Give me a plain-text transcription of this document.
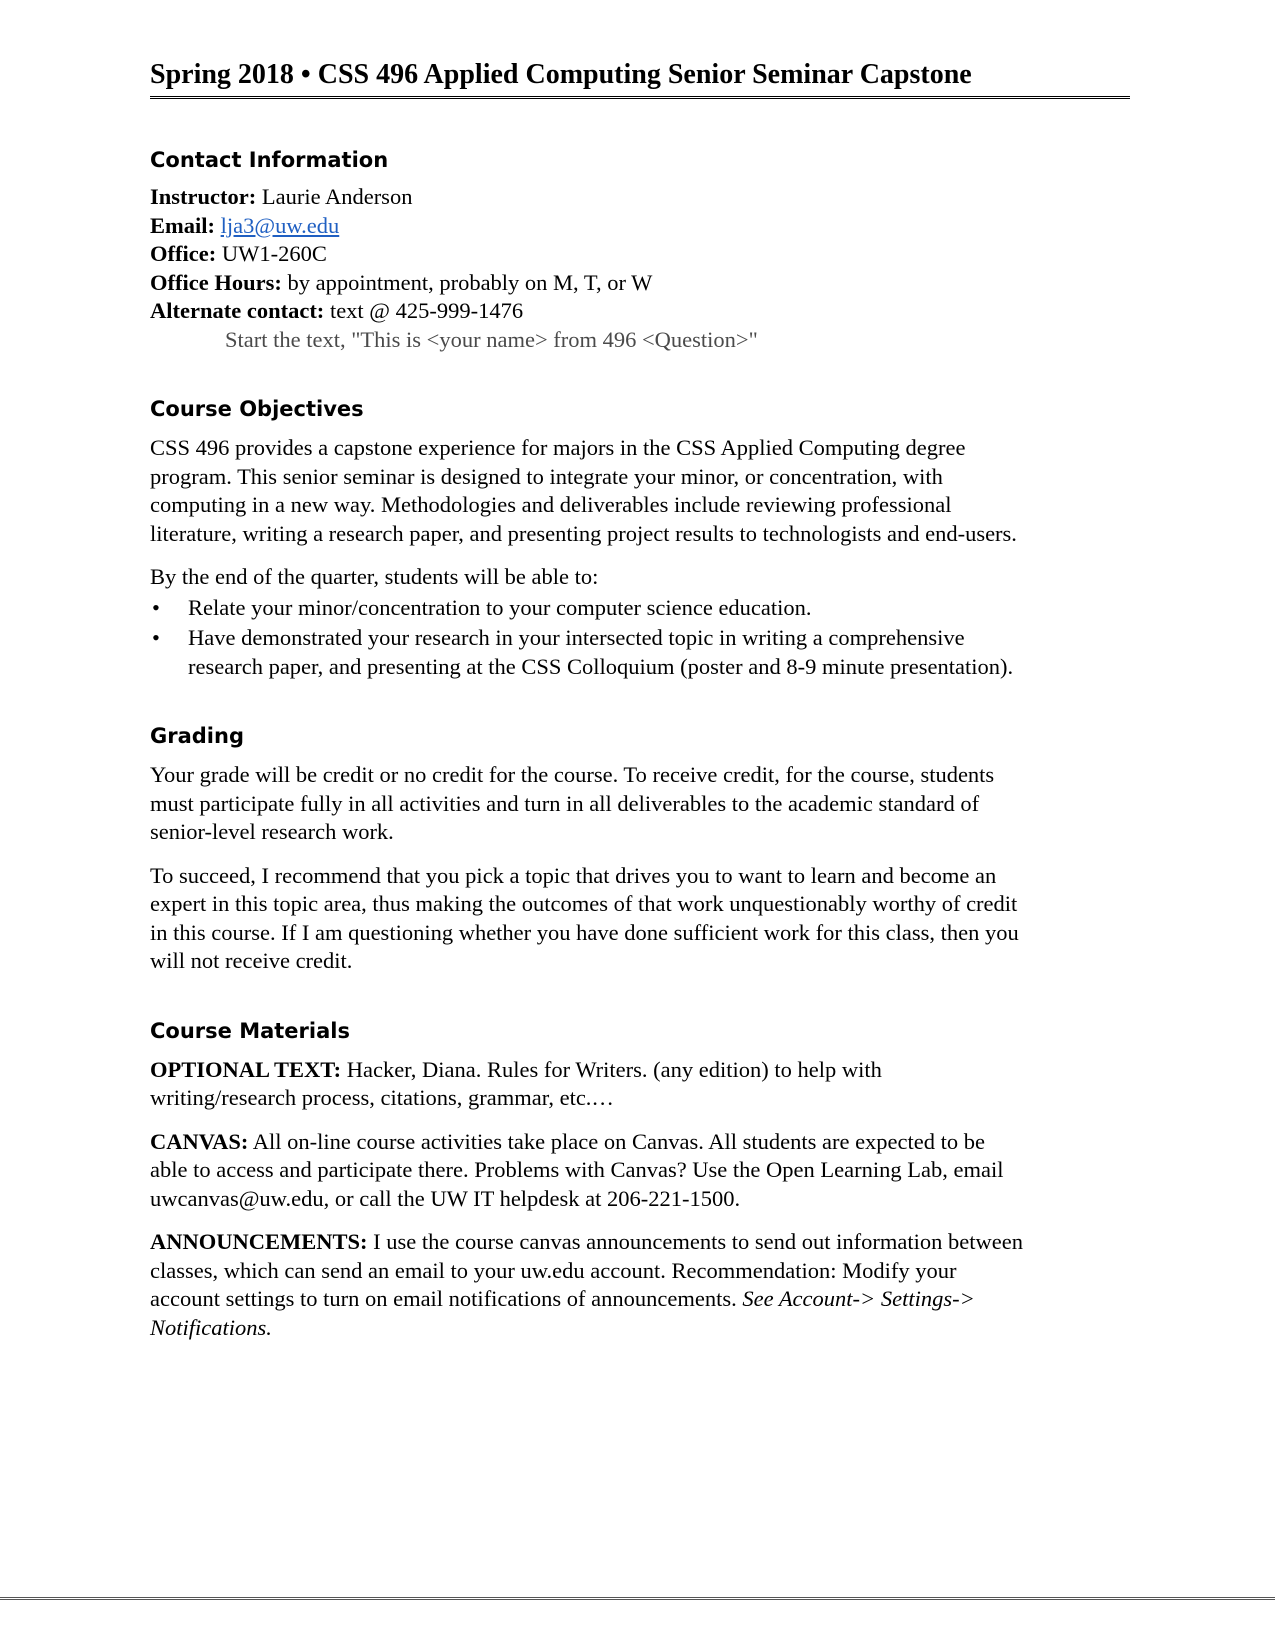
Spring 2018 • CSS 496 Applied Computing Senior Seminar Capstone
Contact Information
Instructor: Laurie Anderson
Email: lja3@uw.edu
Office: UW1-260C
Office Hours: by appointment, probably on M, T, or W
Alternate contact: text @ 425-999-1476
Start the text, "This is <your name> from 496 <Question>"
Course Objectives

CSS 496 provides a capstone experience for majors in the CSS Applied Computing degree
program. This senior seminar is designed to integrate your minor, or concentration, with
computing in a new way. Methodologies and deliverables include reviewing professional
literature, writing a research paper, and presenting project results to technologists and end-users.

By the end of the quarter, students will be able to:

• Relate your minor/concentration to your computer science education.
• Have demonstrated your research in your intersected topic in writing a comprehensive
research paper, and presenting at the CSS Colloquium (poster and 8-9 minute presentation).
Grading

Your grade will be credit or no credit for the course. To receive credit, for the course, students
must participate fully in all activities and turn in all deliverables to the academic standard of
senior-level research work.

To succeed, I recommend that you pick a topic that drives you to want to learn and become an
expert in this topic area, thus making the outcomes of that work unquestionably worthy of credit
in this course. If I am questioning whether you have done sufficient work for this class, then you
will not receive credit.

Course Materials

OPTIONAL TEXT: Hacker, Diana. Rules for Writers. (any edition) to help with
writing/research process, citations, grammar, etc.…

CANVAS: All on-line course activities take place on Canvas. All students are expected to be
able to access and participate there. Problems with Canvas? Use the Open Learning Lab, email
uwcanvas@uw.edu, or call the UW IT helpdesk at 206-221-1500.

ANNOUNCEMENTS: I use the course canvas announcements to send out information between
classes, which can send an email to your uw.edu account. Recommendation: Modify your
account settings to turn on email notifications of announcements. See Account-> Settings->
Notifications.
